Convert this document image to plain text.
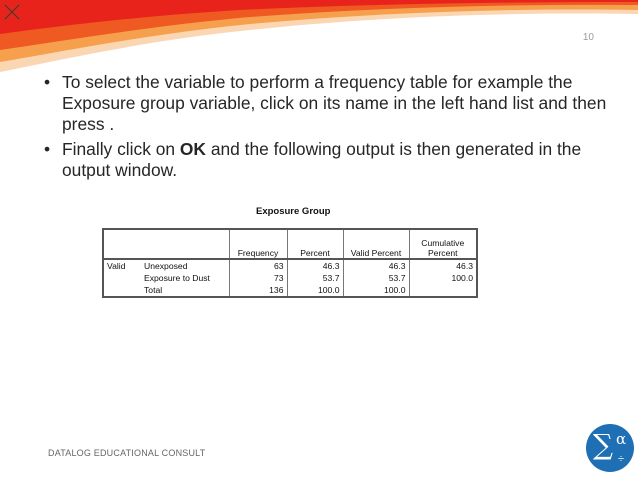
10
• To select the variable to perform a frequency table for example the Exposure group variable, click on its name in the left hand list and then press .
• Finally click on OK and the following output is then generated in the output window.
Exposure Group
		Frequency	Percent	Valid Percent	Cumulative
Percent
Valid	Unexposed	63	46.3	46.3	46.3
	Exposure to Dust	73	53.7	53.7	100.0
	Total	136	100.0	100.0	
DATALOG EDUCATIONAL CONSULT	∑ α
÷
